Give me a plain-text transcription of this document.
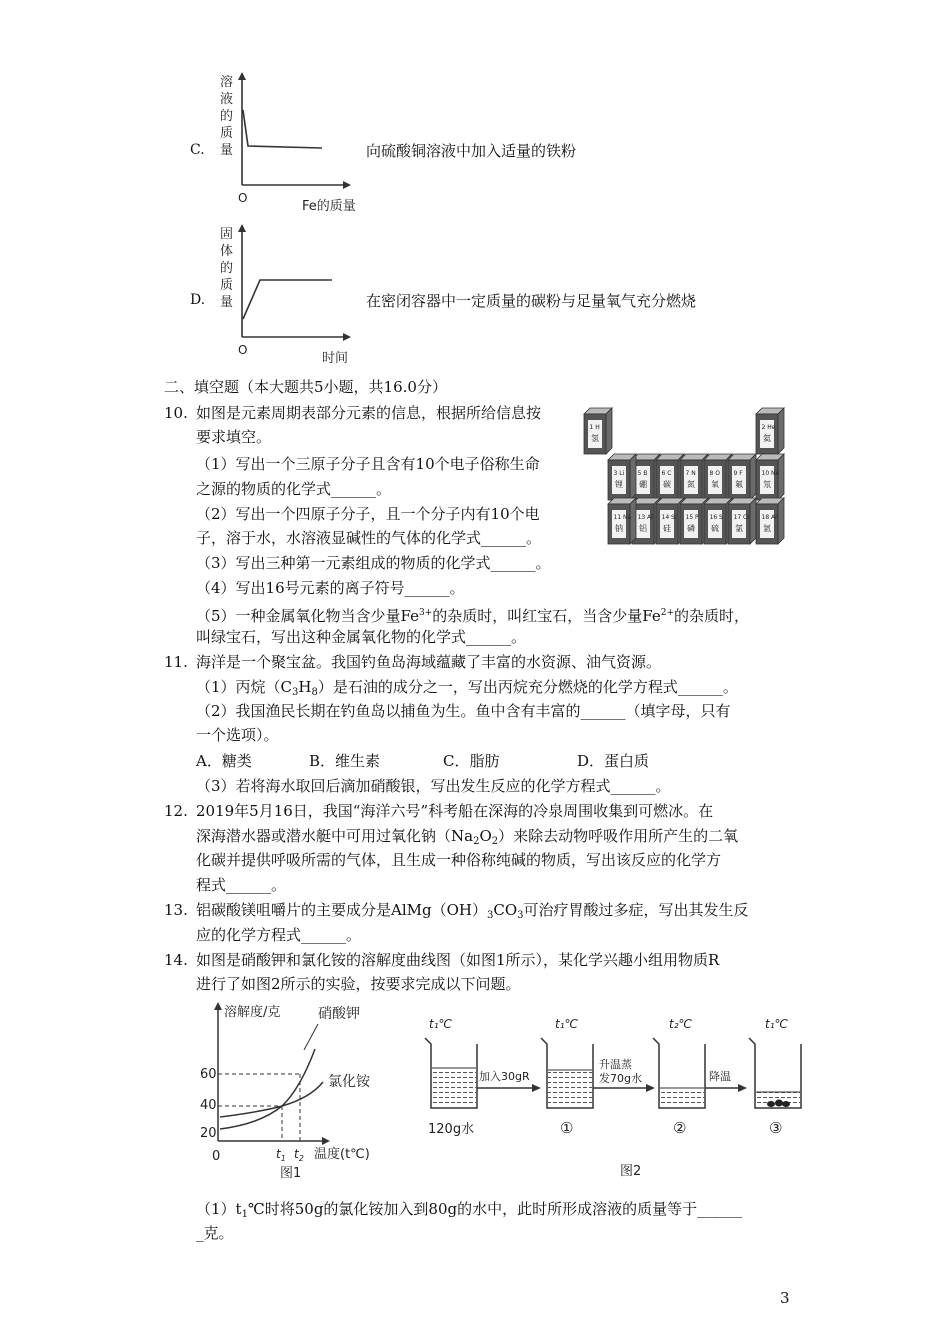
C.
溶
液
的
质
量
O
Fe的质量
向硫酸铜溶液中加入适量的铁粉
D.
固
体
的
质
量
O
时间
在密闭容器中一定质量的碳粉与足量氧气充分燃烧
二、填空题（本大题共5小题，共16.0分）
10. 如图是元素周期表部分元素的信息，根据所给信息按
要求填空。
（1）写出一个三原子分子且含有10个电子俗称生命
之源的物质的化学式______。
（2）写出一个四原子分子，且一个分子内有10个电
子，溶于水，水溶液显碱性的气体的化学式______。
（3）写出三种第一元素组成的物质的化学式______。
（4）写出16号元素的离子符号______。
（5）一种金属氧化物当含少量$Fe^{3+}$的杂质时，叫红宝石，当含少量$Fe^{2+}$的杂质时，
叫绿宝石，写出这种金属氧化物的化学式______。
1 H
氢
2 He
氦
5 B
硼
6 C
碳
7 N
氮
8 O
氧
9 F
氟
10 Ne
氖
13 Al
铝
14 Si
硅
15 P
磷
16 S
硫
17 Cl
氯
18 Ar
氩
3 Li
锂
11 Na
钠
11. 海洋是一个聚宝盆。我国钓鱼岛海域蕴藏了丰富的水资源、油气资源。
（1）丙烷$(C_3H_8)$是石油的成分之一，写出丙烷充分燃烧的化学方程式______。
（2）我国渔民长期在钓鱼岛以捕鱼为生。鱼中含有丰富的______（填字母，只有
一个选项）。
A．糖类	B．维生素	C．脂肪	D．蛋白质
（3）若将海水取回后滴加硝酸银，写出发生反应的化学方程式______。
12. 2019年5月16日，我国“海洋六号”科考船在深海的冷泉周围收集到可燃冰。在
深海潜水器或潜水艇中可用过氧化钠$(Na_2O_2)$来除去动物呼吸作用所产生的二氧
化碳并提供呼吸所需的气体，且生成一种俗称纯碱的物质，写出该反应的化学方
程式______。
13. 铝碳酸镁咀嚼片的主要成分是$AlMg(OH)_3CO_3$可治疗胃酸过多症，写出其发生反
应的化学方程式______。
14. 如图是硝酸钾和氯化铵的溶解度曲线图（如图1所示），某化学兴趣小组用物质R
进行了如图2所示的实验，按要求完成以下问题。
溶解度/克
60
40
20
硝酸钾
氯化铵
0	$t_1$ $t_2$ 温度(t℃)
图1
t₁℃
120g水
加入30gR
t₁℃
①
升温蒸
发70g水
t₂℃
②
降温
t₁℃
③
图2
$(1)t_1℃$时将50g的氯化铵加入到80g的水中，此时所形成溶液的质量等于______
_克。
3
